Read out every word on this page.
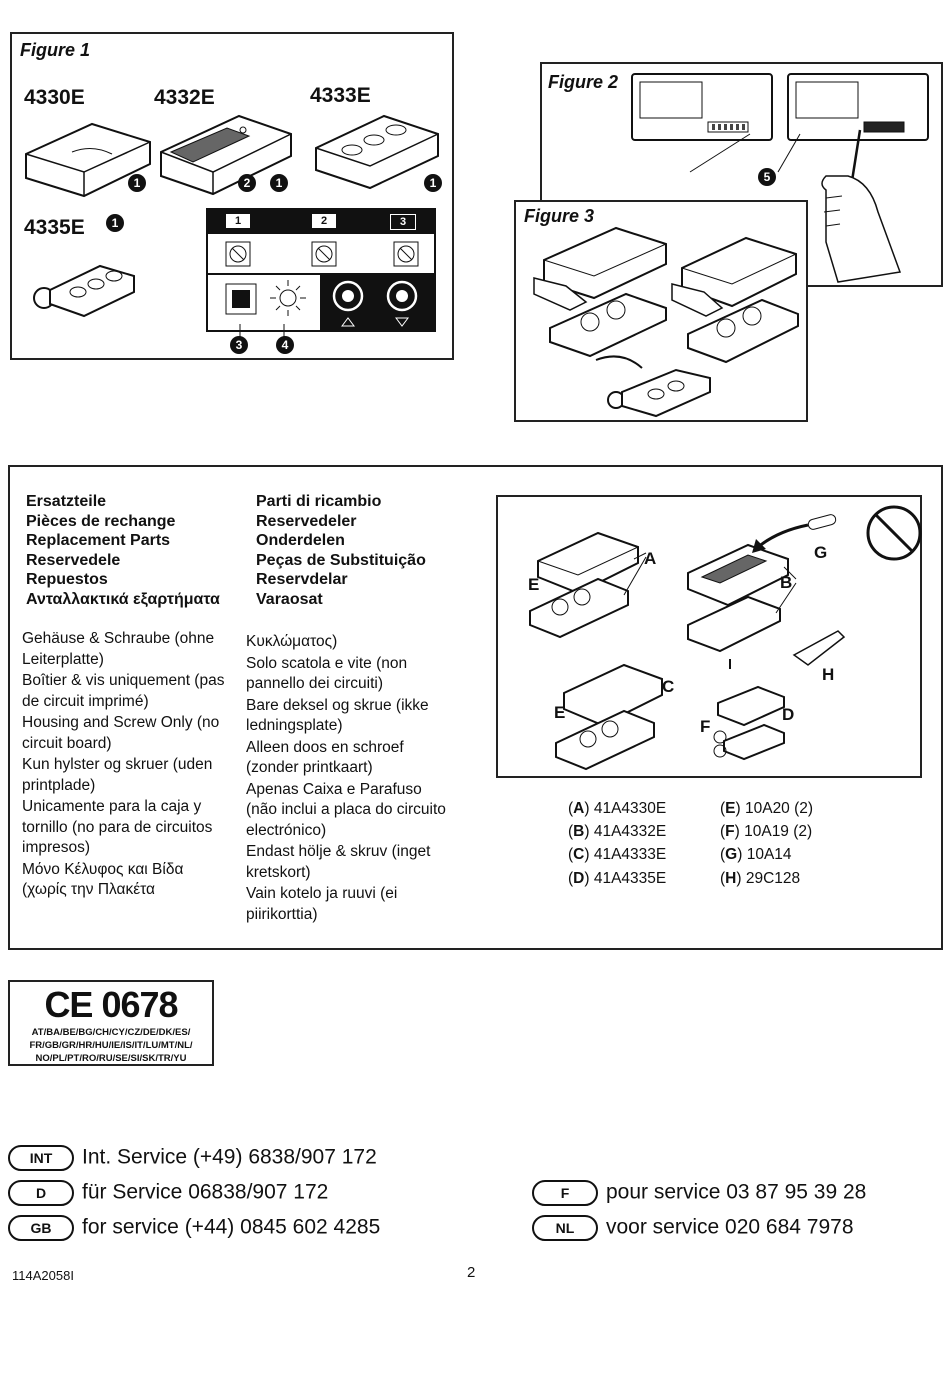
Figure 1
4330E	4332E	4333E
4335E
1	2	1	1
1	1	2	3
3	4
Figure 2
5
Figure 3
Ersatzteile
Pièces de rechange
Replacement Parts
Reservedele
Repuestos
Ανταλλακτικά εξαρτήματα
Parti di ricambio
Reservedeler
Onderdelen
Peças de Substituição
Reservdelar
Varaosat
Gehäuse & Schraube (ohne Leiterplatte)
Boîtier & vis uniquement (pas de circuit imprimé)
Housing and Screw Only (no circuit board)
Kun hylster og skruer (uden printplade)
Unicamente para la caja y tornillo (no para de circuitos impresos)
Μόνο Κέλυφος και Βίδα (χωρίς την Πλακέτα
Κυκλώματος)
Solo scatola e vite (non pannello dei circuiti)
Bare deksel og skrue (ikke ledningsplate)
Alleen doos en schroef (zonder printkaart)
Apenas Caixa e Parafuso (não inclui a placa do circuito electrónico)
Endast hölje & skruv (inget kretskort)
Vain kotelo ja ruuvi (ei piirikorttia)
A
E	B
G
H
C
E
F
D
(A) 41A4330E
(B) 41A4332E
(C) 41A4333E
(D) 41A4335E
(E) 10A20 (2)
(F) 10A19 (2)
(G) 10A14
(H) 29C128
CE 0678
AT/BA/BE/BG/CH/CY/CZ/DE/DK/ES/
FR/GB/GR/HR/HU/IE/IS/IT/LU/MT/NL/
NO/PL/PT/RO/RU/SE/SI/SK/TR/YU
INT Int. Service (+49) 6838/907 172
D für Service 06838/907 172
GB for service (+44) 0845 602 4285
F pour service 03 87 95 39 28
NL voor service 020 684 7978
114A2058I	2
